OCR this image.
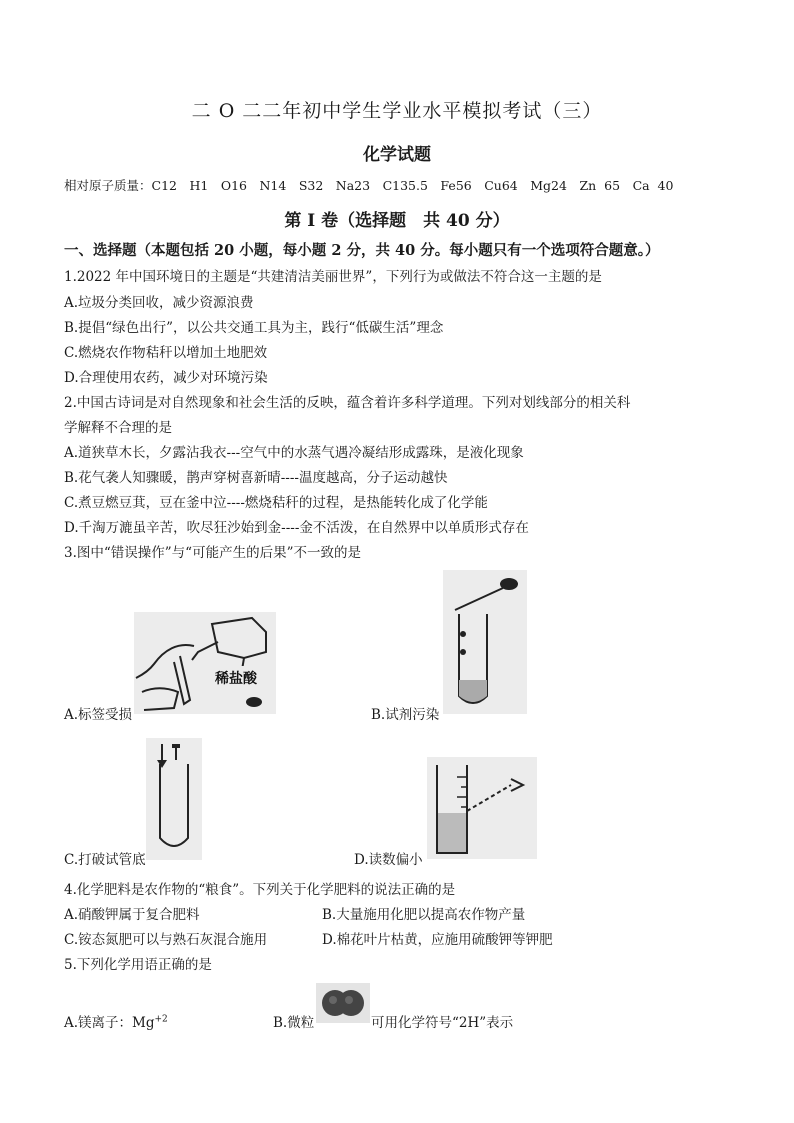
二 O 二二年初中学生学业水平模拟考试（三）
化学试题
相对原子质量：C12　H1　O16　N14　S32　Na23　C135.5　Fe56　Cu64　Mg24　Zn 65　Ca 40
第 I 卷（选择题　共 40 分）
一、选择题（本题包括 20 小题，每小题 2 分，共 40 分。每小题只有一个选项符合题意。）
1.2022 年中国环境日的主题是“共建清洁美丽世界”，下列行为或做法不符合这一主题的是
A.垃圾分类回收，减少资源浪费
B.提倡“绿色出行”，以公共交通工具为主，践行“低碳生活”理念
C.燃烧农作物秸秆以增加土地肥效
D.合理使用农药，减少对环境污染
2.中国古诗词是对自然现象和社会生活的反映，蕴含着许多科学道理。下列对划线部分的相关科
学解释不合理的是
A.道狭草木长，夕露沾我衣---空气中的水蒸气遇冷凝结形成露珠，是液化现象
B.花气袭人知骤暖，鹊声穿树喜新晴----温度越高，分子运动越快
C.煮豆燃豆萁，豆在釜中泣----燃烧秸秆的过程，是热能转化成了化学能
D.千淘万漉虽辛苦，吹尽狂沙始到金----金不活泼，在自然界中以单质形式存在
3.图中“错误操作”与“可能产生的后果”不一致的是
稀盐酸
A.标签受损	B.试剂污染
C.打破试管底	D.读数偏小
4.化学肥料是农作物的“粮食”。下列关于化学肥料的说法正确的是
A.硝酸钾属于复合肥料	B.大量施用化肥以提高农作物产量
C.铵态氮肥可以与熟石灰混合施用	D.棉花叶片枯黄，应施用硫酸钾等钾肥
5.下列化学用语正确的是
A.镁离子：$Mg^{+2}$	B.微粒	可用化学符号“2H”表示
